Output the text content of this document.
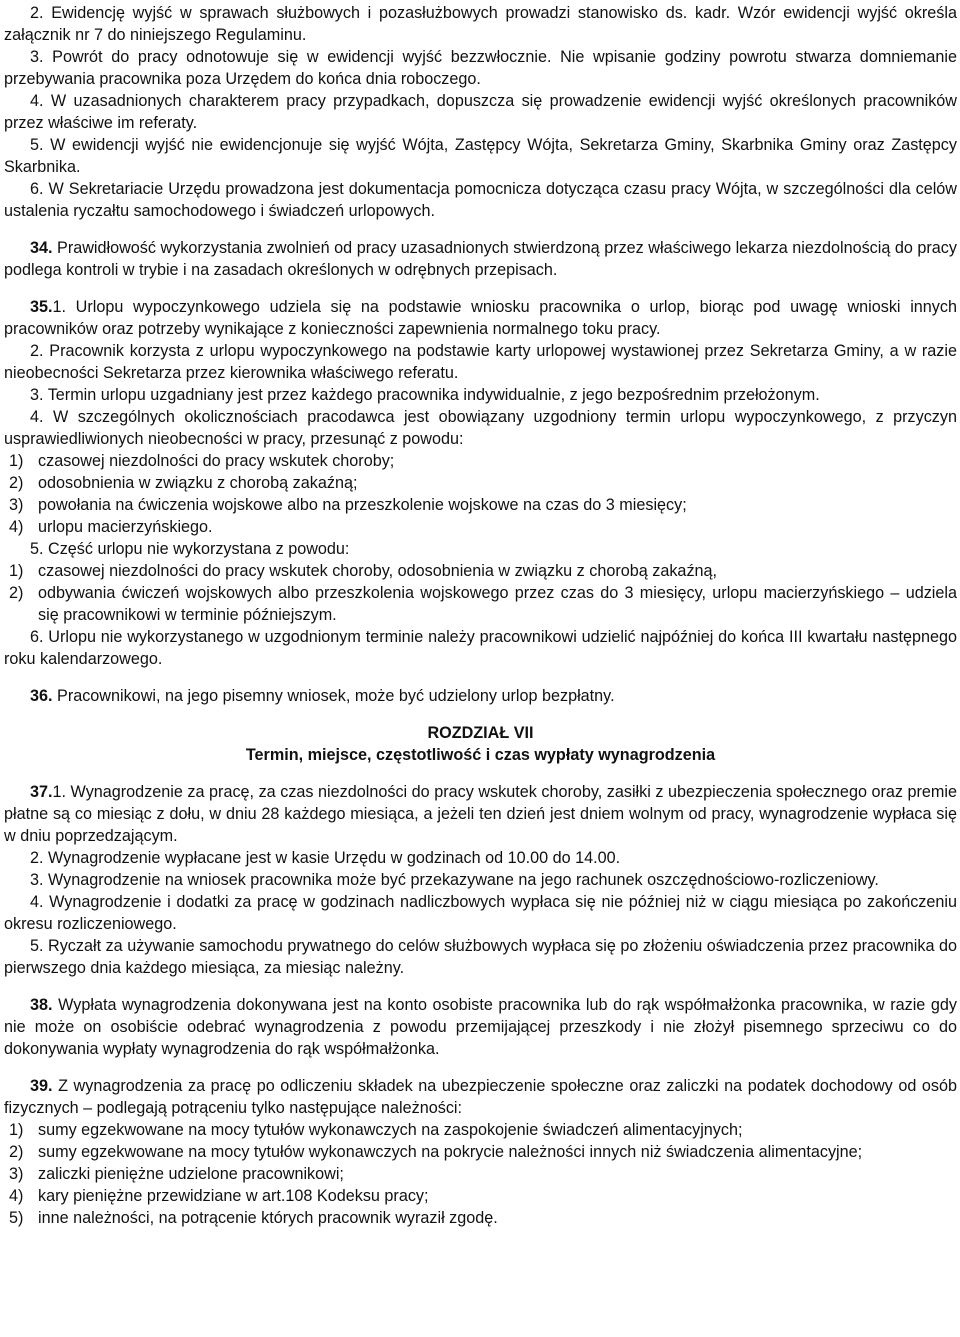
2. Ewidencję wyjść w sprawach służbowych i pozasłużbowych prowadzi stanowisko ds. kadr. Wzór ewidencji wyjść określa załącznik nr 7 do niniejszego Regulaminu.

3. Powrót do pracy odnotowuje się w ewidencji wyjść bezzwłocznie. Nie wpisanie godziny powrotu stwarza domniemanie przebywania pracownika poza Urzędem do końca dnia roboczego.

4. W uzasadnionych charakterem pracy przypadkach, dopuszcza się prowadzenie ewidencji wyjść określonych pracowników przez właściwe im referaty.

5. W ewidencji wyjść nie ewidencjonuje się wyjść Wójta, Zastępcy Wójta, Sekretarza Gminy, Skarbnika Gminy oraz Zastępcy Skarbnika.

6. W Sekretariacie Urzędu prowadzona jest dokumentacja pomocnicza dotycząca czasu pracy Wójta, w szczególności dla celów ustalenia ryczałtu samochodowego i świadczeń urlopowych.

34. Prawidłowość wykorzystania zwolnień od pracy uzasadnionych stwierdzoną przez właściwego lekarza niezdolnością do pracy podlega kontroli w trybie i na zasadach określonych w odrębnych przepisach.

35.1. Urlopu wypoczynkowego udziela się na podstawie wniosku pracownika o urlop, biorąc pod uwagę wnioski innych pracowników oraz potrzeby wynikające z konieczności zapewnienia normalnego toku pracy.

2. Pracownik korzysta z urlopu wypoczynkowego na podstawie karty urlopowej wystawionej przez Sekretarza Gminy, a w razie nieobecności Sekretarza przez kierownika właściwego referatu.

3. Termin urlopu uzgadniany jest przez każdego pracownika indywidualnie, z jego bezpośrednim przełożonym.

4. W szczególnych okolicznościach pracodawca jest obowiązany uzgodniony termin urlopu wypoczynkowego, z przyczyn usprawiedliwionych nieobecności w pracy, przesunąć z powodu:

1) czasowej niezdolności do pracy wskutek choroby;

2) odosobnienia w związku z chorobą zakaźną;

3) powołania na ćwiczenia wojskowe albo na przeszkolenie wojskowe na czas do 3 miesięcy;

4) urlopu macierzyńskiego.

5. Część urlopu nie wykorzystana z powodu:

1) czasowej niezdolności do pracy wskutek choroby, odosobnienia w związku z chorobą zakaźną,

2) odbywania ćwiczeń wojskowych albo przeszkolenia wojskowego przez czas do 3 miesięcy, urlopu macierzyńskiego – udziela się pracownikowi w terminie późniejszym.

6. Urlopu nie wykorzystanego w uzgodnionym terminie należy pracownikowi udzielić najpóźniej do końca III kwartału następnego roku kalendarzowego.

36. Pracownikowi, na jego pisemny wniosek, może być udzielony urlop bezpłatny.

ROZDZIAŁ VII

Termin, miejsce, częstotliwość i czas wypłaty wynagrodzenia

37.1. Wynagrodzenie za pracę, za czas niezdolności do pracy wskutek choroby, zasiłki z ubezpieczenia społecznego oraz premie płatne są co miesiąc z dołu, w dniu 28 każdego miesiąca, a jeżeli ten dzień jest dniem wolnym od pracy, wynagrodzenie wypłaca się w dniu poprzedzającym.

2. Wynagrodzenie wypłacane jest w kasie Urzędu w godzinach od 10.00 do 14.00.

3. Wynagrodzenie na wniosek pracownika może być przekazywane na jego rachunek oszczędnościowo-rozliczeniowy.

4. Wynagrodzenie i dodatki za pracę w godzinach nadliczbowych wypłaca się nie później niż w ciągu miesiąca po zakończeniu okresu rozliczeniowego.

5. Ryczałt za używanie samochodu prywatnego do celów służbowych wypłaca się po złożeniu oświadczenia przez pracownika do pierwszego dnia każdego miesiąca, za miesiąc należny.

38. Wypłata wynagrodzenia dokonywana jest na konto osobiste pracownika lub do rąk współmałżonka pracownika, w razie gdy nie może on osobiście odebrać wynagrodzenia z powodu przemijającej przeszkody i nie złożył pisemnego sprzeciwu co do dokonywania wypłaty wynagrodzenia do rąk współmałżonka.

39. Z wynagrodzenia za pracę po odliczeniu składek na ubezpieczenie społeczne oraz zaliczki na podatek dochodowy od osób fizycznych – podlegają potrąceniu tylko następujące należności:

1) sumy egzekwowane na mocy tytułów wykonawczych na zaspokojenie świadczeń alimentacyjnych;

2) sumy egzekwowane na mocy tytułów wykonawczych na pokrycie należności innych niż świadczenia alimentacyjne;

3) zaliczki pieniężne udzielone pracownikowi;

4) kary pieniężne przewidziane w art.108 Kodeksu pracy;

5) inne należności, na potrącenie których pracownik wyraził zgodę.
